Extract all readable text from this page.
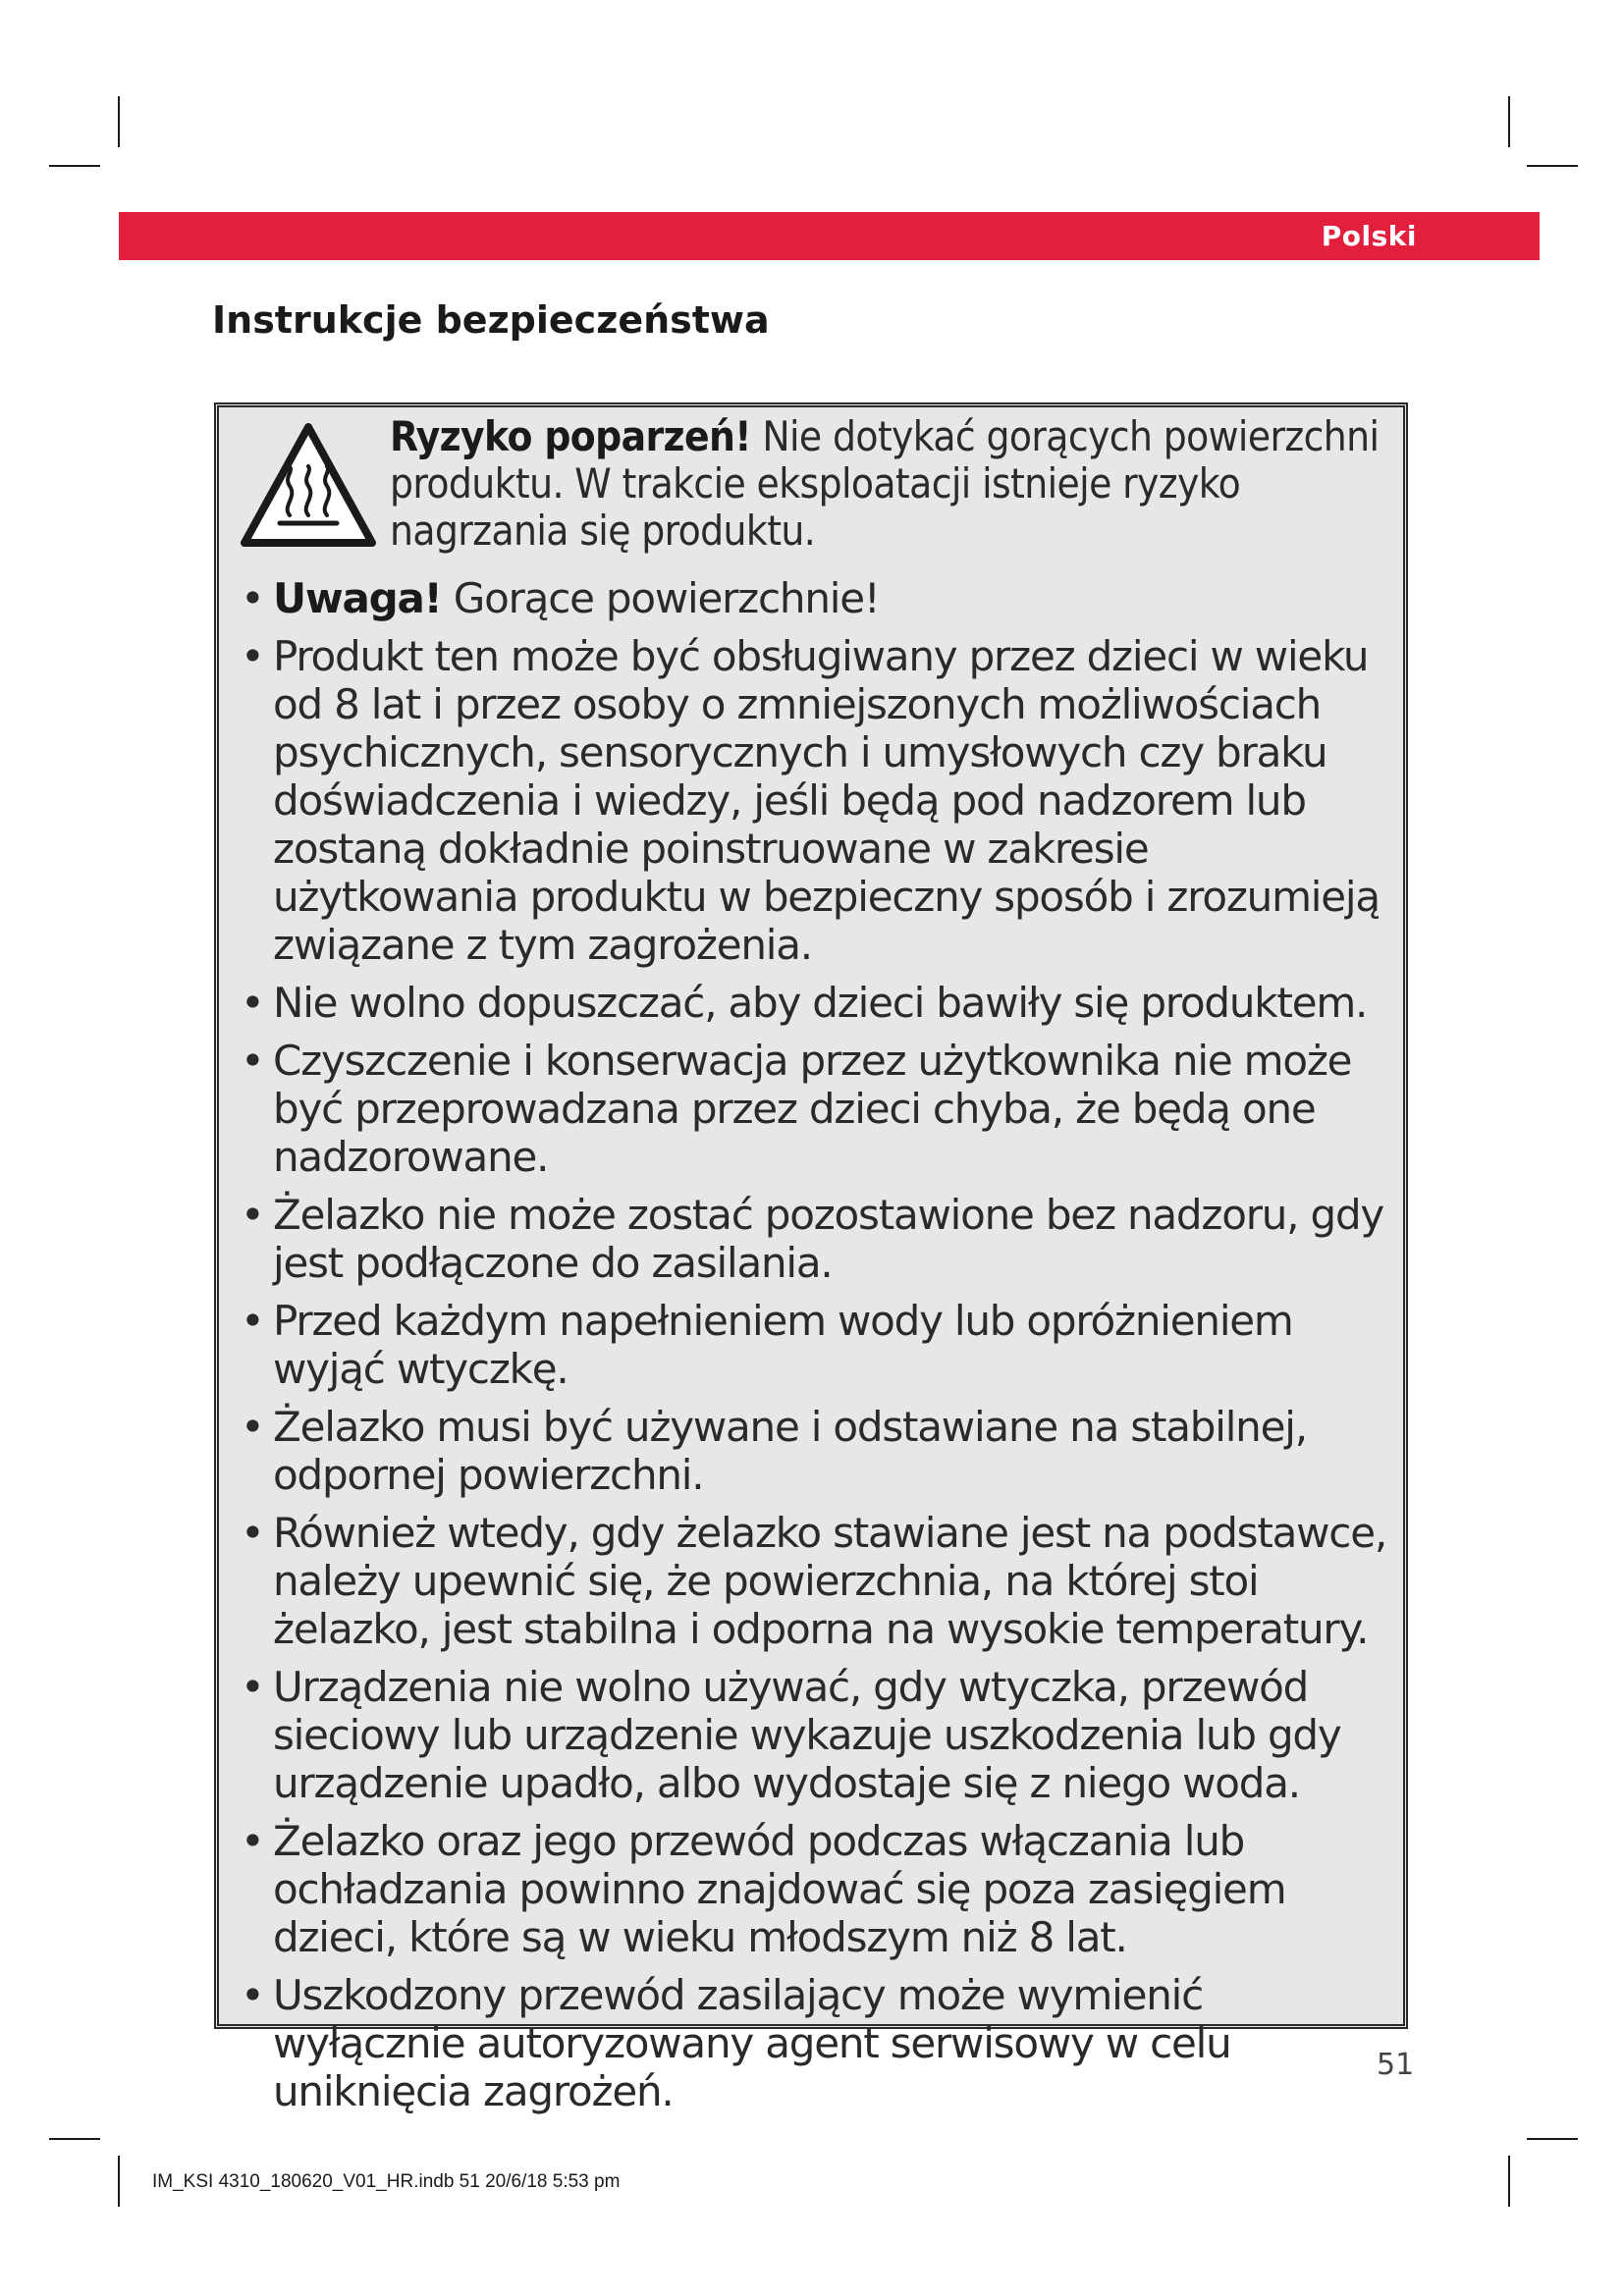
Polski
Instrukcje bezpieczeństwa
Ryzyko poparzeń! Nie dotykać gorących powierzchni produktu. W trakcie eksploatacji istnieje ryzyko nagrzania się produktu.
• Uwaga! Gorące powierzchnie!
• Produkt ten może być obsługiwany przez dzieci w wieku od 8 lat i przez osoby o zmniejszonych możliwościach psychicznych, sensorycznych i umysłowych czy braku doświadczenia i wiedzy, jeśli będą pod nadzorem lub zostaną dokładnie poinstruowane w zakresie użytkowania produktu w bezpieczny sposób i zrozumieją związane z tym zagrożenia.
• Nie wolno dopuszczać, aby dzieci bawiły się produktem.
• Czyszczenie i konserwacja przez użytkownika nie może być przeprowadzana przez dzieci chyba, że będą one nadzorowane.
• Żelazko nie może zostać pozostawione bez nadzoru, gdy jest podłączone do zasilania.
• Przed każdym napełnieniem wody lub opróżnieniem wyjąć wtyczkę.
• Żelazko musi być używane i odstawiane na stabilnej, odpornej powierzchni.
• Również wtedy, gdy żelazko stawiane jest na podstawce, należy upewnić się, że powierzchnia, na której stoi żelazko, jest stabilna i odporna na wysokie temperatury.
• Urządzenia nie wolno używać, gdy wtyczka, przewód sieciowy lub urządzenie wykazuje uszkodzenia lub gdy urządzenie upadło, albo wydostaje się z niego woda.
• Żelazko oraz jego przewód podczas włączania lub ochładzania powinno znajdować się poza zasięgiem dzieci, które są w wieku młodszym niż 8 lat.
• Uszkodzony przewód zasilający może wymienić wyłącznie autoryzowany agent serwisowy w celu uniknięcia zagrożeń.
51
IM_KSI 4310_180620_V01_HR.indb 51 20/6/18 5:53 pm
